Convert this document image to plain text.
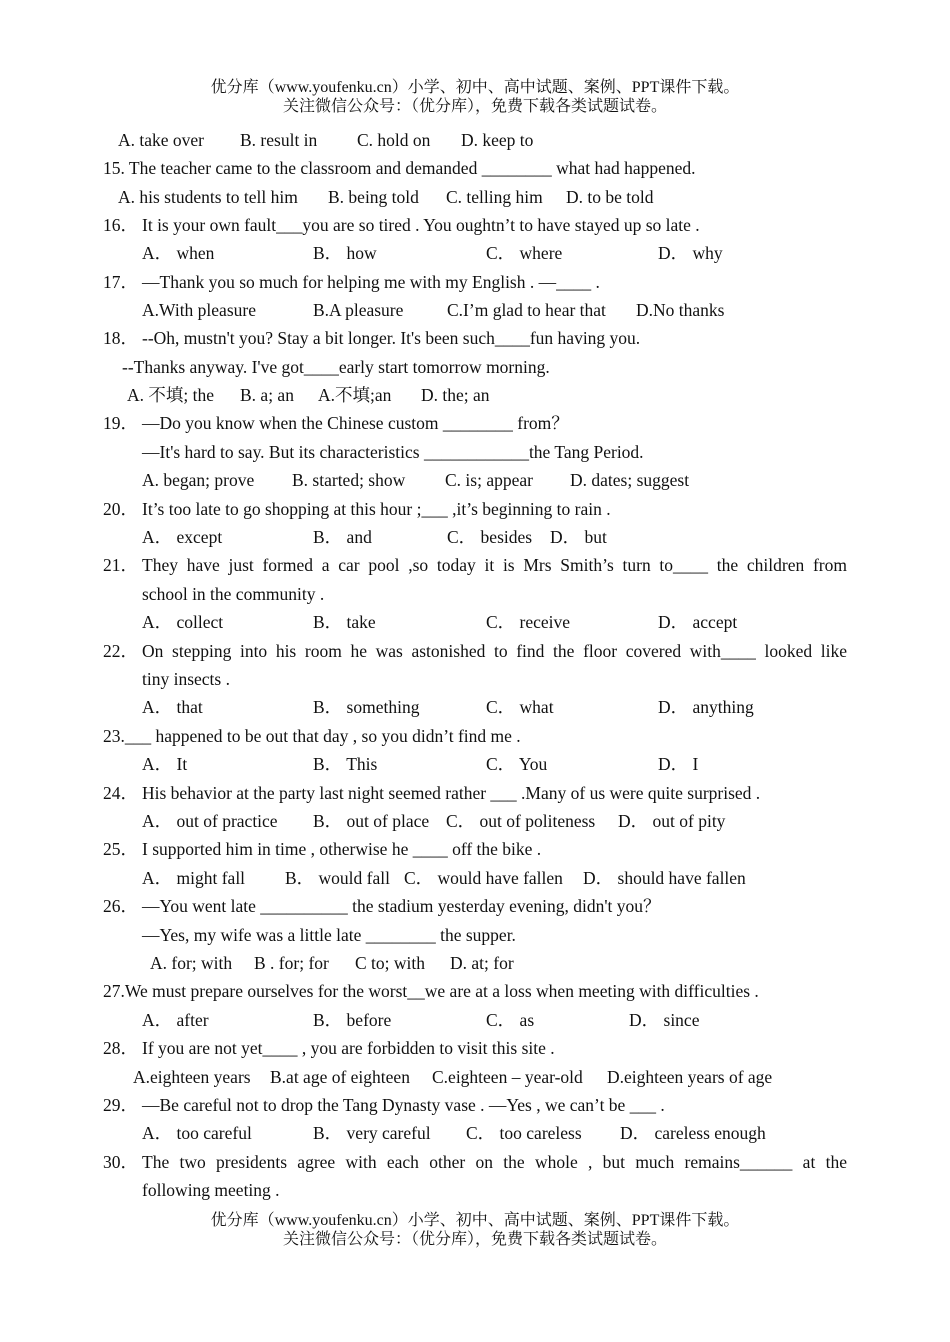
优分库（www.youfenku.cn）小学、初中、高中试题、案例、PPT课件下载。
关注微信公众号：（优分库），免费下载各类试题试卷。
A. take over B. result in C. hold on D. keep to
15. The teacher came to the classroom and demanded ________ what had happened.
A. his students to tell him B. being told C. telling him D. to be told
16． It is your own fault___you are so tired . You oughtn’t to have stayed up so late .
A． when	B． how	C． where	D． why
17． —Thank you so much for helping me with my English . —____ .
A.With pleasure	B.A pleasure C.I’m glad to hear that D.No thanks
18． --Oh, mustn't you? Stay a bit longer. It's been such____fun having you.
--Thanks anyway. I've got____early start tomorrow morning.
A. 不填; the B. a; an A.不填;an D. the; an
19． —Do you know when the Chinese custom ________ from？
—It's hard to say. But its characteristics ____________the Tang Period.
A. began; prove B. started; show C. is; appear D. dates; suggest
20． It’s too late to go shopping at this hour ;___ ,it’s beginning to rain .
A． except	B． and	C． besides D． but
21． They have just formed a car pool ,so today it is Mrs Smith’s turn to____ the children from
school in the community .
A． collect	B． take	C． receive	D． accept
22． On stepping into his room he was astonished to find the floor covered with____ looked like
tiny insects .
A． that	B． something	C． what	D． anything
23.___ happened to be out that day , so you didn’t find me .
A． It	B． This	C． You	D． I
24． His behavior at the party last night seemed rather ___ .Many of us were quite surprised .
A． out of practice B． out of place C． out of politeness D． out of pity
25． I supported him in time , otherwise he ____ off the bike .
A． might fall B． would fall C． would have fallen D． should have fallen
26． —You went late __________ the stadium yesterday evening, didn't you？
—Yes, my wife was a little late ________ the supper.
A. for; with B . for; for C to; with D. at; for
27.We must prepare ourselves for the worst__we are at a loss when meeting with difficulties .
A． after	B． before	C． as	D． since
28． If you are not yet____ , you are forbidden to visit this site .
A.eighteen years B.at age of eighteen C.eighteen – year-old D.eighteen years of age
29． —Be careful not to drop the Tang Dynasty vase . —Yes , we can’t be ___ .
A． too careful	B． very careful C． too careless D． careless enough
30． The two presidents agree with each other on the whole , but much remains______ at the
following meeting .
优分库（www.youfenku.cn）小学、初中、高中试题、案例、PPT课件下载。
关注微信公众号：（优分库），免费下载各类试题试卷。
